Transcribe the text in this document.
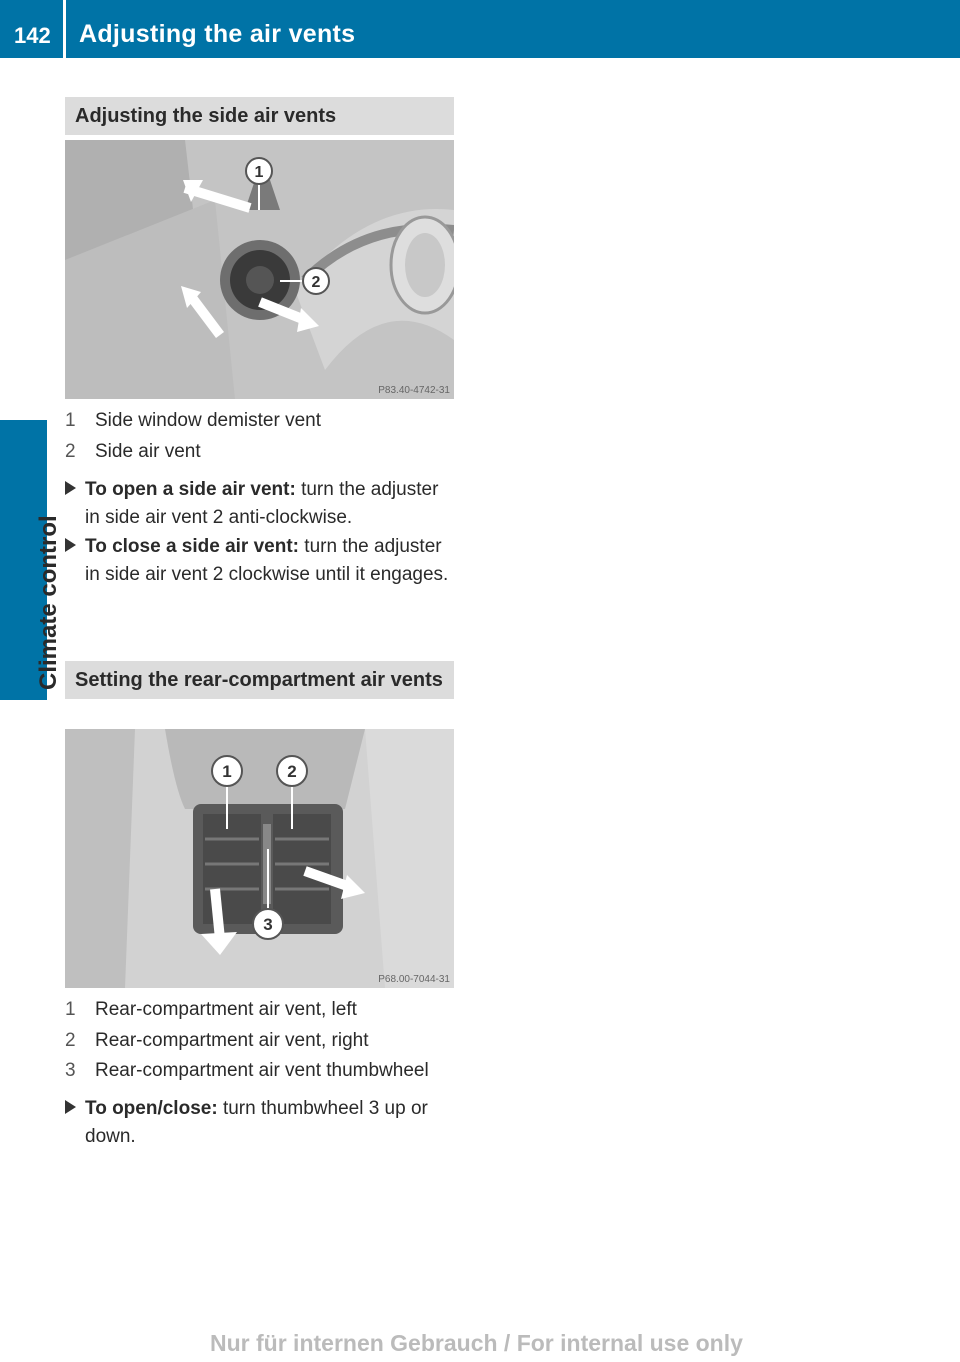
142 Adjusting the air vents
Climate control
Adjusting the side air vents
1
2
P83.40-4742-31
1 Side window demister vent
2 Side air vent
To open a side air vent: turn the adjuster in side air vent 2 anti-clockwise.
To close a side air vent: turn the adjuster in side air vent 2 clockwise until it engages.
Setting the rear-compartment air vents
1	2
3
P68.00-7044-31
1 Rear-compartment air vent, left
2 Rear-compartment air vent, right
3 Rear-compartment air vent thumbwheel
To open/close: turn thumbwheel 3 up or down.
Nur für internen Gebrauch / For internal use only
